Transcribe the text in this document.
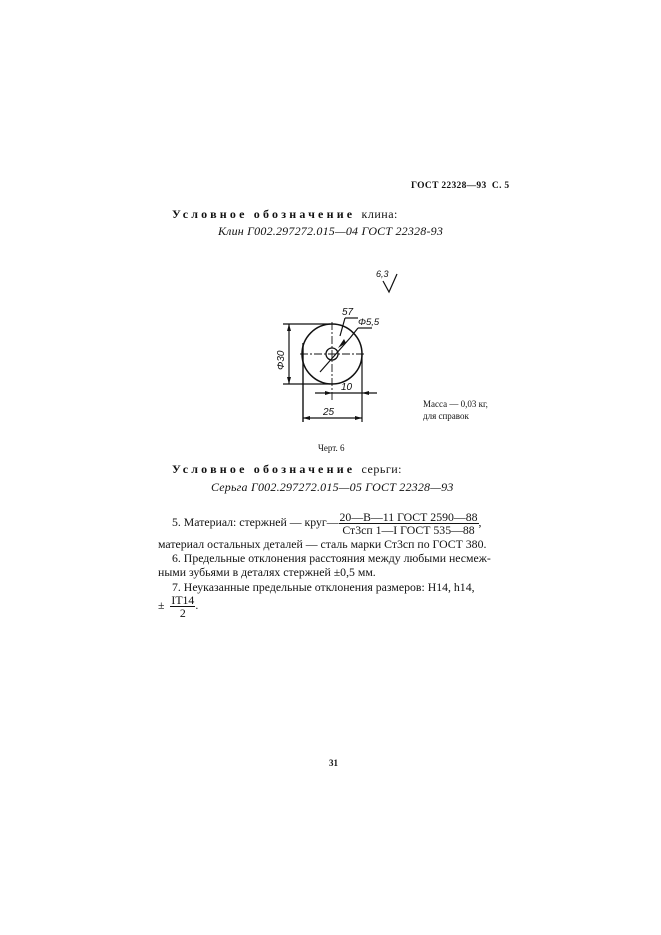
ГОСТ 22328—93 С. 5
Условное обозначение клина:
Клин Г002.297272.015—04 ГОСТ 22328-93
6,3
57
Φ5,5
Φ30
10
25
Масса — 0,03 кг,
для справок
Черт. 6
Условное обозначение серьги:
Серьга Г002.297272.015—05 ГОСТ 22328—93
5. Материал: стержней — круг— $\frac{\text{20—В—11 ГОСТ 2590—88}}{\text{Ст3сп 1—I ГОСТ 535—88}}$ ,
материал остальных деталей — сталь марки Ст3сп по ГОСТ 380.
6. Предельные отклонения расстояния между любыми несмеж-
ными зубьями в деталях стержней ±0,5 мм.
7. Неуказанные предельные отклонения размеров: H14, h14,
± $\frac{IT14}{2}$ .
31
